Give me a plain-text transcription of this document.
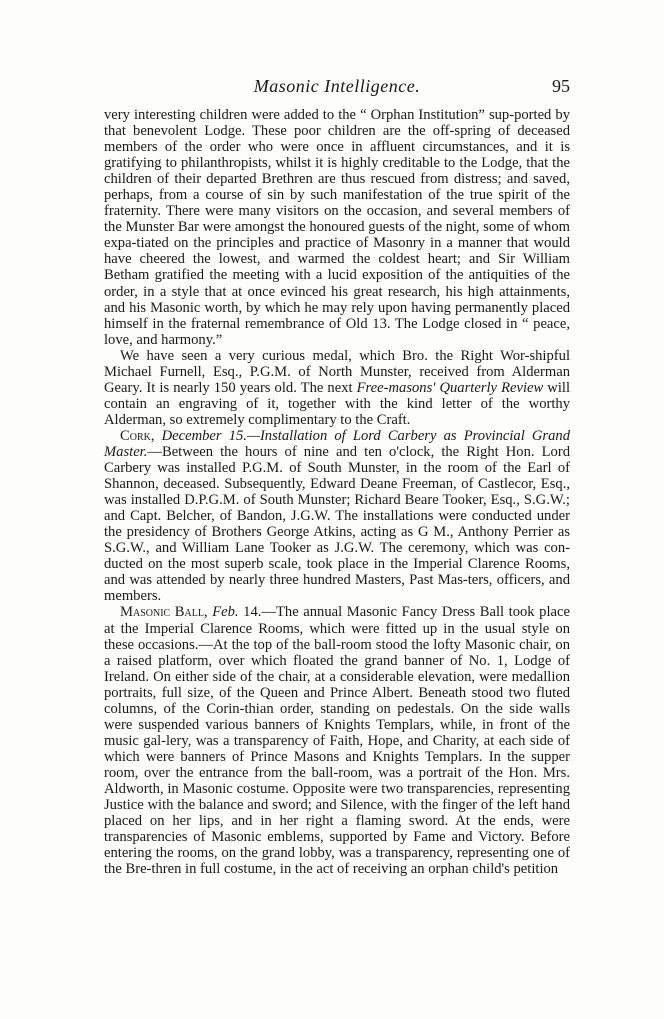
Masonic Intelligence.	95

very interesting children were added to the “ Orphan Institution” sup-ported by that benevolent Lodge. These poor children are the off-spring of deceased members of the order who were once in affluent circumstances, and it is gratifying to philanthropists, whilst it is highly creditable to the Lodge, that the children of their departed Brethren are thus rescued from distress; and saved, perhaps, from a course of sin by such manifestation of the true spirit of the fraternity. There were many visitors on the occasion, and several members of the Munster Bar were amongst the honoured guests of the night, some of whom expa-tiated on the principles and practice of Masonry in a manner that would have cheered the lowest, and warmed the coldest heart; and Sir William Betham gratified the meeting with a lucid exposition of the antiquities of the order, in a style that at once evinced his great research, his high attainments, and his Masonic worth, by which he may rely upon having permanently placed himself in the fraternal remembrance of Old 13. The Lodge closed in “ peace, love, and harmony.”

We have seen a very curious medal, which Bro. the Right Wor-shipful Michael Furnell, Esq., P.G.M. of North Munster, received from Alderman Geary. It is nearly 150 years old. The next Free-masons' Quarterly Review will contain an engraving of it, together with the kind letter of the worthy Alderman, so extremely complimentary to the Craft.

Cork, December 15.—Installation of Lord Carbery as Provincial Grand Master.—Between the hours of nine and ten o'clock, the Right Hon. Lord Carbery was installed P.G.M. of South Munster, in the room of the Earl of Shannon, deceased. Subsequently, Edward Deane Freeman, of Castlecor, Esq., was installed D.P.G.M. of South Munster; Richard Beare Tooker, Esq., S.G.W.; and Capt. Belcher, of Bandon, J.G.W. The installations were conducted under the presidency of Brothers George Atkins, acting as G M., Anthony Perrier as S.G.W., and William Lane Tooker as J.G.W. The ceremony, which was con-ducted on the most superb scale, took place in the Imperial Clarence Rooms, and was attended by nearly three hundred Masters, Past Mas-ters, officers, and members.

Masonic Ball, Feb. 14.—The annual Masonic Fancy Dress Ball took place at the Imperial Clarence Rooms, which were fitted up in the usual style on these occasions.—At the top of the ball-room stood the lofty Masonic chair, on a raised platform, over which floated the grand banner of No. 1, Lodge of Ireland. On either side of the chair, at a considerable elevation, were medallion portraits, full size, of the Queen and Prince Albert. Beneath stood two fluted columns, of the Corin-thian order, standing on pedestals. On the side walls were suspended various banners of Knights Templars, while, in front of the music gal-lery, was a transparency of Faith, Hope, and Charity, at each side of which were banners of Prince Masons and Knights Templars. In the supper room, over the entrance from the ball-room, was a portrait of the Hon. Mrs. Aldworth, in Masonic costume. Opposite were two transparencies, representing Justice with the balance and sword; and Silence, with the finger of the left hand placed on her lips, and in her right a flaming sword. At the ends, were transparencies of Masonic emblems, supported by Fame and Victory. Before entering the rooms, on the grand lobby, was a transparency, representing one of the Bre-thren in full costume, in the act of receiving an orphan child's petition
